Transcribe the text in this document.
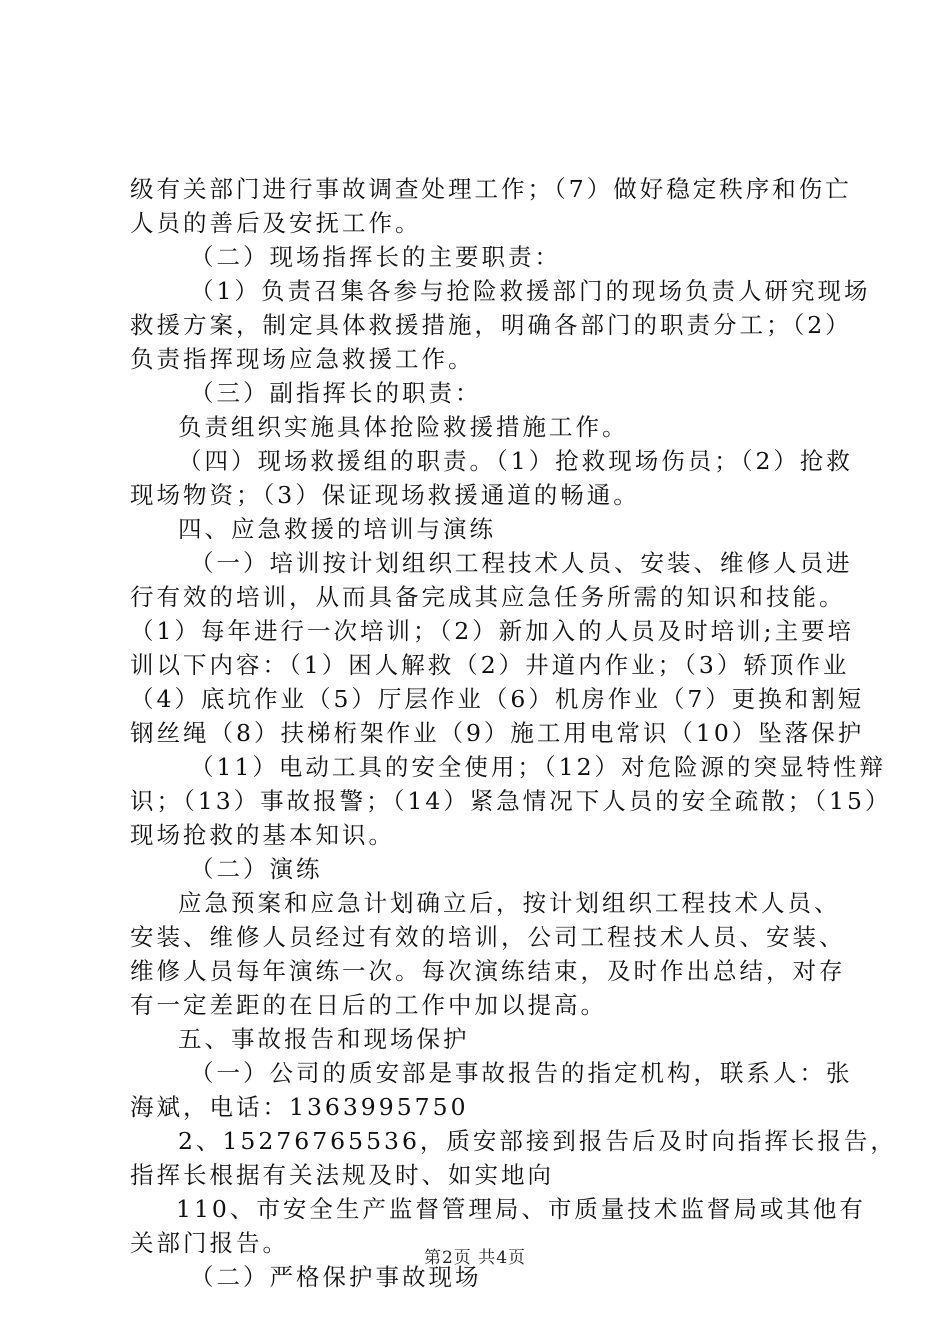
级有关部门进行事故调查处理工作；（7）做好稳定秩序和伤亡
人员的善后及安抚工作。
（二）现场指挥长的主要职责：
（1）负责召集各参与抢险救援部门的现场负责人研究现场
救援方案，制定具体救援措施，明确各部门的职责分工；（2）
负责指挥现场应急救援工作。
（三）副指挥长的职责：
负责组织实施具体抢险救援措施工作。
（四）现场救援组的职责。（1）抢救现场伤员；（2）抢救
现场物资；（3）保证现场救援通道的畅通。
四、应急救援的培训与演练
（一）培训按计划组织工程技术人员、安装、维修人员进
行有效的培训，从而具备完成其应急任务所需的知识和技能。
（1）每年进行一次培训；（2）新加入的人员及时培训;主要培
训以下内容：（1）困人解救（2）井道内作业；（3）轿顶作业
（4）底坑作业（5）厅层作业（6）机房作业（7）更换和割短
钢丝绳（8）扶梯桁架作业（9）施工用电常识（10）坠落保护
（11）电动工具的安全使用；（12）对危险源的突显特性辩
识；（13）事故报警；（14）紧急情况下人员的安全疏散；（15）
现场抢救的基本知识。
（二）演练
应急预案和应急计划确立后，按计划组织工程技术人员、
安装、维修人员经过有效的培训，公司工程技术人员、安装、
维修人员每年演练一次。每次演练结束，及时作出总结，对存
有一定差距的在日后的工作中加以提高。
五、事故报告和现场保护
（一）公司的质安部是事故报告的指定机构，联系人：张
海斌，电话：1363995750
2、15276765536，质安部接到报告后及时向指挥长报告，
指挥长根据有关法规及时、如实地向
110、市安全生产监督管理局、市质量技术监督局或其他有
关部门报告。
（二）严格保护事故现场
第2页 共4页
